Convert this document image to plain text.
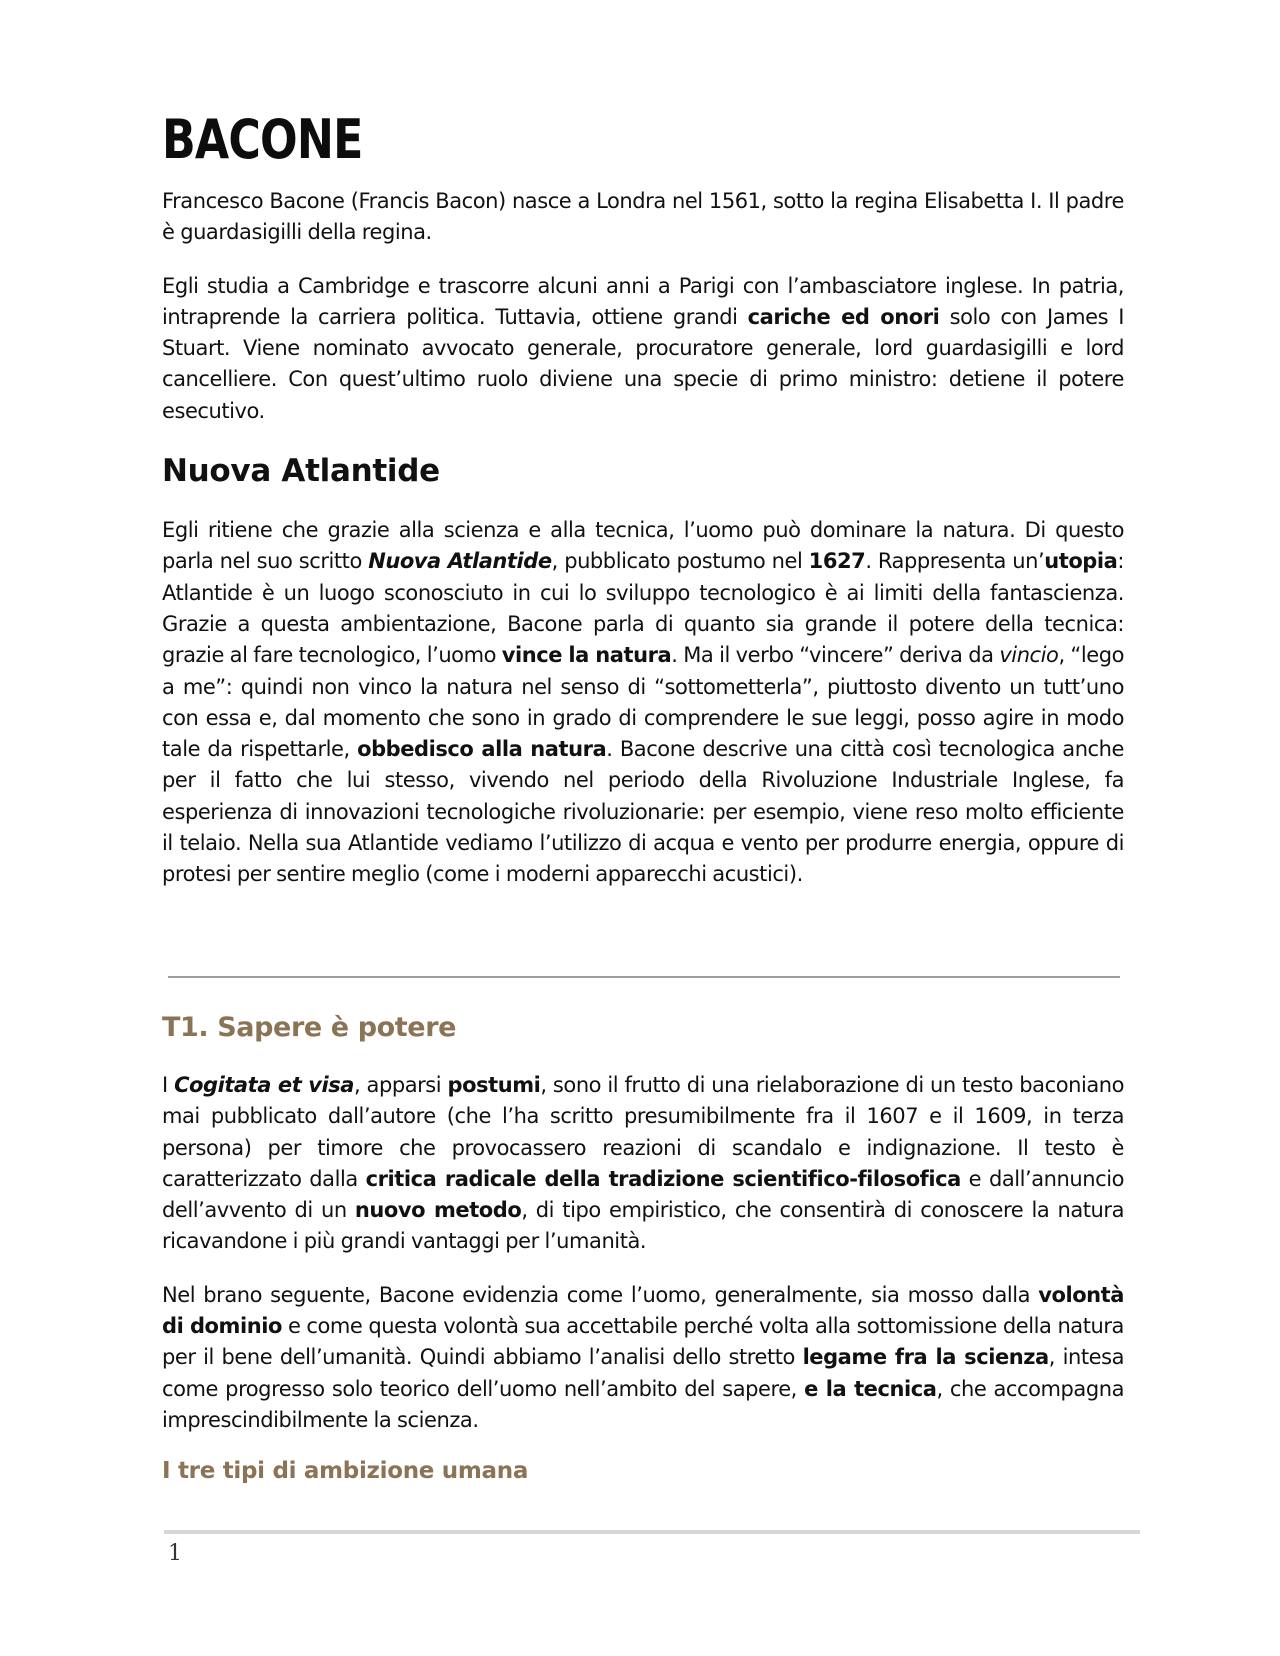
BACONE

Francesco Bacone (Francis Bacon) nasce a Londra nel 1561, sotto la regina Elisabetta I. Il padre è guardasigilli della regina.

Egli studia a Cambridge e trascorre alcuni anni a Parigi con l’ambasciatore inglese. In patria, intraprende la carriera politica. Tuttavia, ottiene grandi cariche ed onori solo con James I Stuart. Viene nominato avvocato generale, procuratore generale, lord guardasigilli e lord cancelliere. Con quest’ultimo ruolo diviene una specie di primo ministro: detiene il potere esecutivo.

Nuova Atlantide

Egli ritiene che grazie alla scienza e alla tecnica, l’uomo può dominare la natura. Di questo parla nel suo scritto Nuova Atlantide, pubblicato postumo nel 1627. Rappresenta un’utopia: Atlantide è un luogo sconosciuto in cui lo sviluppo tecnologico è ai limiti della fantascienza. Grazie a questa ambientazione, Bacone parla di quanto sia grande il potere della tecnica: grazie al fare tecnologico, l’uomo vince la natura. Ma il verbo “vincere” deriva da vincio, “lego a me”: quindi non vinco la natura nel senso di “sottometterla”, piuttosto divento un tutt’uno con essa e, dal momento che sono in grado di comprendere le sue leggi, posso agire in modo tale da rispettarle, obbedisco alla natura. Bacone descrive una città così tecnologica anche per il fatto che lui stesso, vivendo nel periodo della Rivoluzione Industriale Inglese, fa esperienza di innovazioni tecnologiche rivoluzionarie: per esempio, viene reso molto efficiente il telaio. Nella sua Atlantide vediamo l’utilizzo di acqua e vento per produrre energia, oppure di protesi per sentire meglio (come i moderni apparecchi acustici).

T1. Sapere è potere

I Cogitata et visa, apparsi postumi, sono il frutto di una rielaborazione di un testo baconiano mai pubblicato dall’autore (che l’ha scritto presumibilmente fra il 1607 e il 1609, in terza persona) per timore che provocassero reazioni di scandalo e indignazione. Il testo è caratterizzato dalla critica radicale della tradizione scientifico-filosofica e dall’annuncio dell’avvento di un nuovo metodo, di tipo empiristico, che consentirà di conoscere la natura ricavandone i più grandi vantaggi per l’umanità.

Nel brano seguente, Bacone evidenzia come l’uomo, generalmente, sia mosso dalla volontà di dominio e come questa volontà sua accettabile perché volta alla sottomissione della natura per il bene dell’umanità. Quindi abbiamo l’analisi dello stretto legame fra la scienza, intesa come progresso solo teorico dell’uomo nell’ambito del sapere, e la tecnica, che accompagna imprescindibilmente la scienza.

I tre tipi di ambizione umana
1
